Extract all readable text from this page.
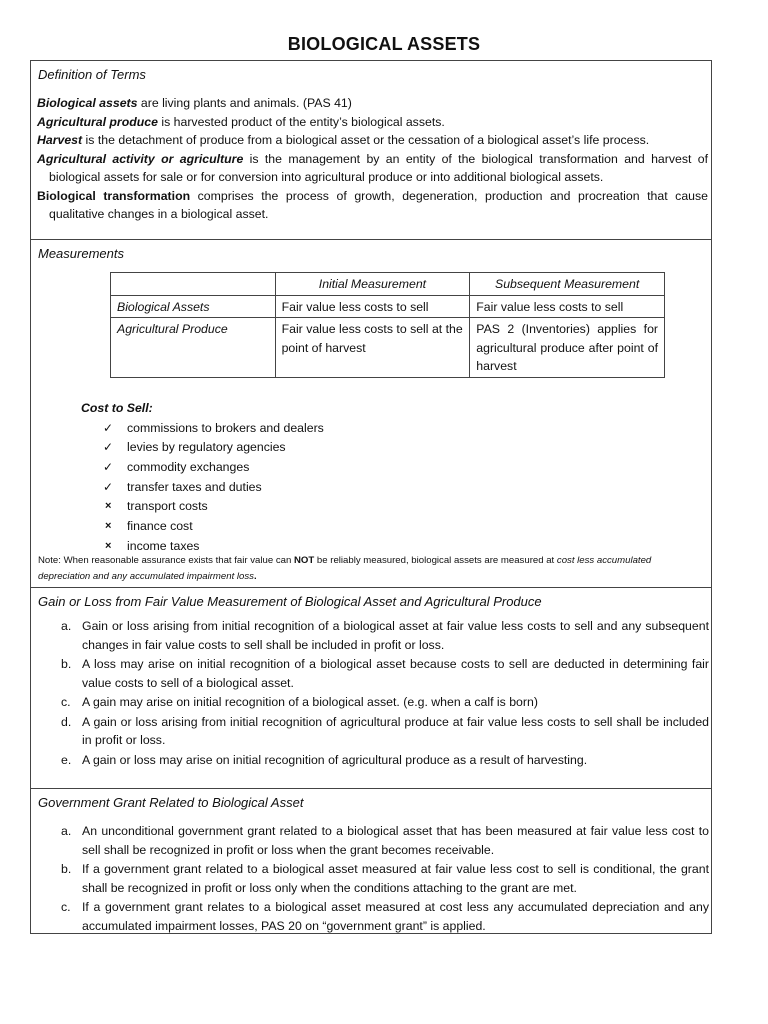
BIOLOGICAL ASSETS
Definition of Terms

Biological assets are living plants and animals. (PAS 41)

Agricultural produce is harvested product of the entity’s biological assets.

Harvest is the detachment of produce from a biological asset or the cessation of a biological asset’s life process.

Agricultural activity or agriculture is the management by an entity of the biological transformation and harvest of biological assets for sale or for conversion into agricultural produce or into additional biological assets.

Biological transformation comprises the process of growth, degeneration, production and procreation that cause qualitative changes in a biological asset.

Measurements
	Initial Measurement	Subsequent Measurement
Biological Assets	Fair value less costs to sell	Fair value less costs to sell
Agricultural Produce	Fair value less costs to sell at the point of harvest	PAS 2 (Inventories) applies for agricultural produce after point of harvest
Cost to Sell:
✓	commissions to brokers and dealers
✓	levies by regulatory agencies
✓	commodity exchanges
✓	transfer taxes and duties
×	transport costs
×	finance cost
×	income taxes
Note: When reasonable assurance exists that fair value can NOT be reliably measured, biological assets are measured at cost less accumulated depreciation and any accumulated impairment loss.
Gain or Loss from Fair Value Measurement of Biological Asset and Agricultural Produce
a. Gain or loss arising from initial recognition of a biological asset at fair value less costs to sell and any subsequent changes in fair value costs to sell shall be included in profit or loss.
b. A loss may arise on initial recognition of a biological asset because costs to sell are deducted in determining fair value costs to sell of a biological asset.
c. A gain may arise on initial recognition of a biological asset. (e.g. when a calf is born)
d. A gain or loss arising from initial recognition of agricultural produce at fair value less costs to sell shall be included in profit or loss.
e. A gain or loss may arise on initial recognition of agricultural produce as a result of harvesting.
Government Grant Related to Biological Asset
a. An unconditional government grant related to a biological asset that has been measured at fair value less cost to sell shall be recognized in profit or loss when the grant becomes receivable.
b. If a government grant related to a biological asset measured at fair value less cost to sell is conditional, the grant shall be recognized in profit or loss only when the conditions attaching to the grant are met.
c. If a government grant relates to a biological asset measured at cost less any accumulated depreciation and any accumulated impairment losses, PAS 20 on “government grant” is applied.
